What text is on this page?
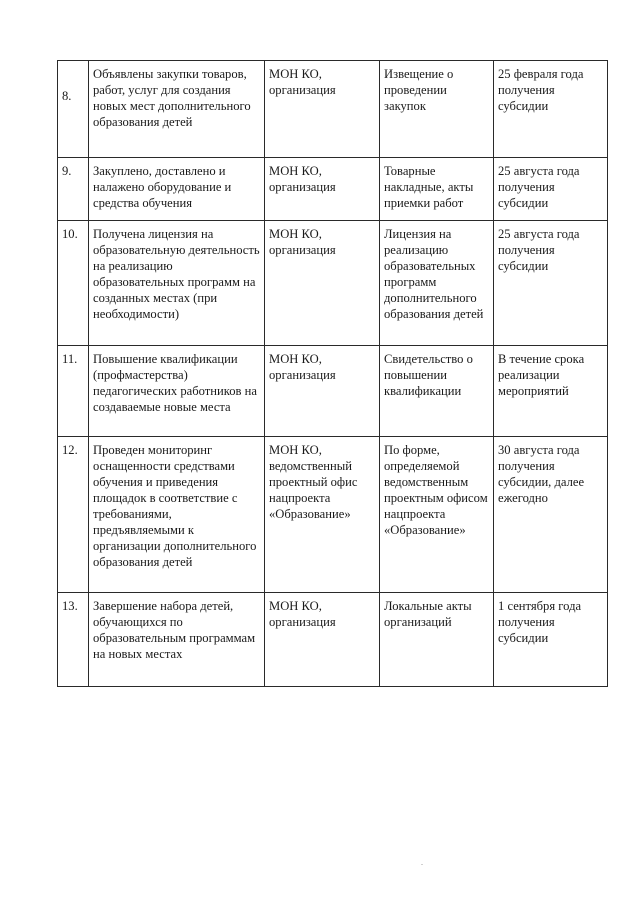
8.	Объявлены закупки товаров, работ, услуг для создания новых мест дополнительного образования детей	МОН КО, организация	Извещение о проведении закупок	25 февраля года получения субсидии
9.	Закуплено, доставлено и налажено оборудование и средства обучения	МОН КО, организация	Товарные накладные, акты приемки работ	25 августа года получения субсидии
10.	Получена лицензия на образовательную деятельность на реализацию образовательных программ на созданных местах (при необходимости)	МОН КО, организация	Лицензия на реализацию образовательных программ дополнительного образования детей	25 августа года получения субсидии
11.	Повышение квалификации (профмастерства) педагогических работников на создаваемые новые места	МОН КО, организация	Свидетельство о повышении квалификации	В течение срока реализации мероприятий
12.	Проведен мониторинг оснащенности средствами обучения и приведения площадок в соответствие с требованиями, предъявляемыми к организации дополнительного образования детей	МОН КО, ведомственный проектный офис нацпроекта «Образование»	По форме, определяемой ведомственным проектным офисом нацпроекта «Образование»	30 августа года получения субсидии, далее ежегодно
13.	Завершение набора детей, обучающихся по образовательным программам на новых местах	МОН КО, организация	Локальные акты организаций	1 сентября года получения субсидии
.
